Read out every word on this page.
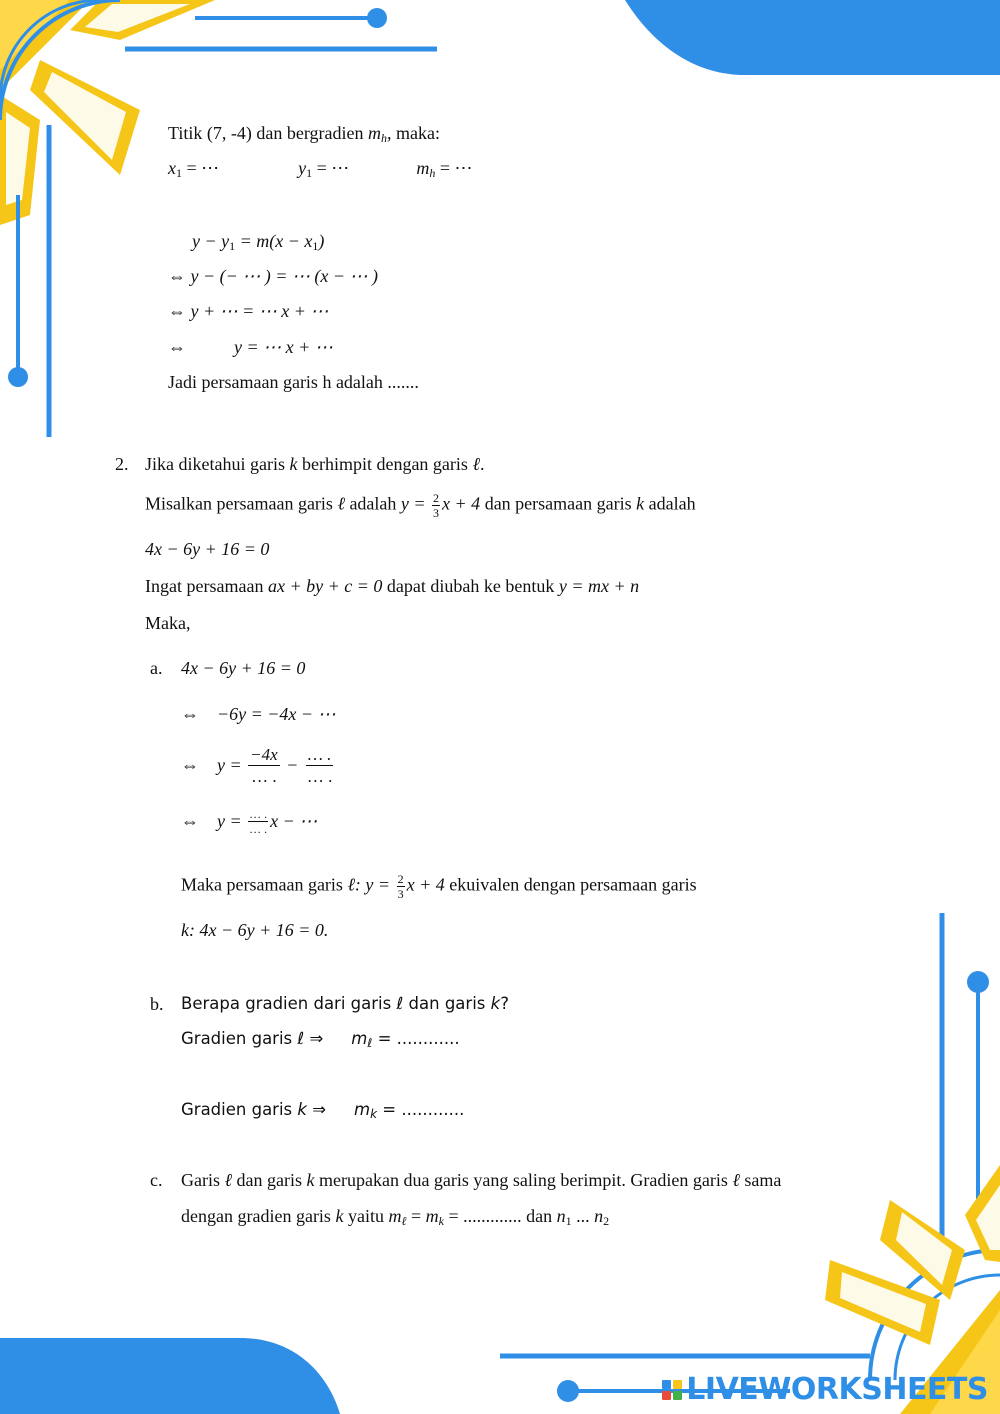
Titik (7, -4) dan bergradien $m_h$, maka:
$x_1$ = ⋯	$y_1$ = ⋯	$m_h$ = ⋯
$y - y_1 = m(x - x_1)$
⇔ y − (− ⋯ ) = ⋯ (x − ⋯ )
⇔ y + ⋯ = ⋯ x + ⋯
⇔	y = ⋯ x + ⋯
Jadi persamaan garis h adalah .......
2. Jika diketahui garis k berhimpit dengan garis ℓ.
Misalkan persamaan garis ℓ adalah $y = \frac{2}{3}$ x + 4 dan persamaan garis k adalah
4x − 6y + 16 = 0
Ingat persamaan ax + by + c = 0 dapat diubah ke bentuk y = mx + n
Maka,
a. 4x − 6y + 16 = 0
⇔ −6y = −4x − ⋯
⇔ $y = \frac{-4x}{\dots .} - \frac{\dots .}{\dots .}$
⇔ $y = \frac{\dots .}{\dots .}$ x − ⋯
Maka persamaan garis ℓ: $y = \frac{2}{3}$ x + 4 ekuivalen dengan persamaan garis
k: 4x − 6y + 16 = 0.
b. Berapa gradien dari garis ℓ dan garis k?
Gradien garis ℓ ⇒ $m_\ell$ = ............
Gradien garis k ⇒ $m_k$ = ............
c. Garis ℓ dan garis k merupakan dua garis yang saling berimpit. Gradien garis ℓ sama
dengan gradien garis k yaitu $m_\ell = m_k$ = ............. dan $n_1$ ... $n_2$
LIVEWORKSHEETS
